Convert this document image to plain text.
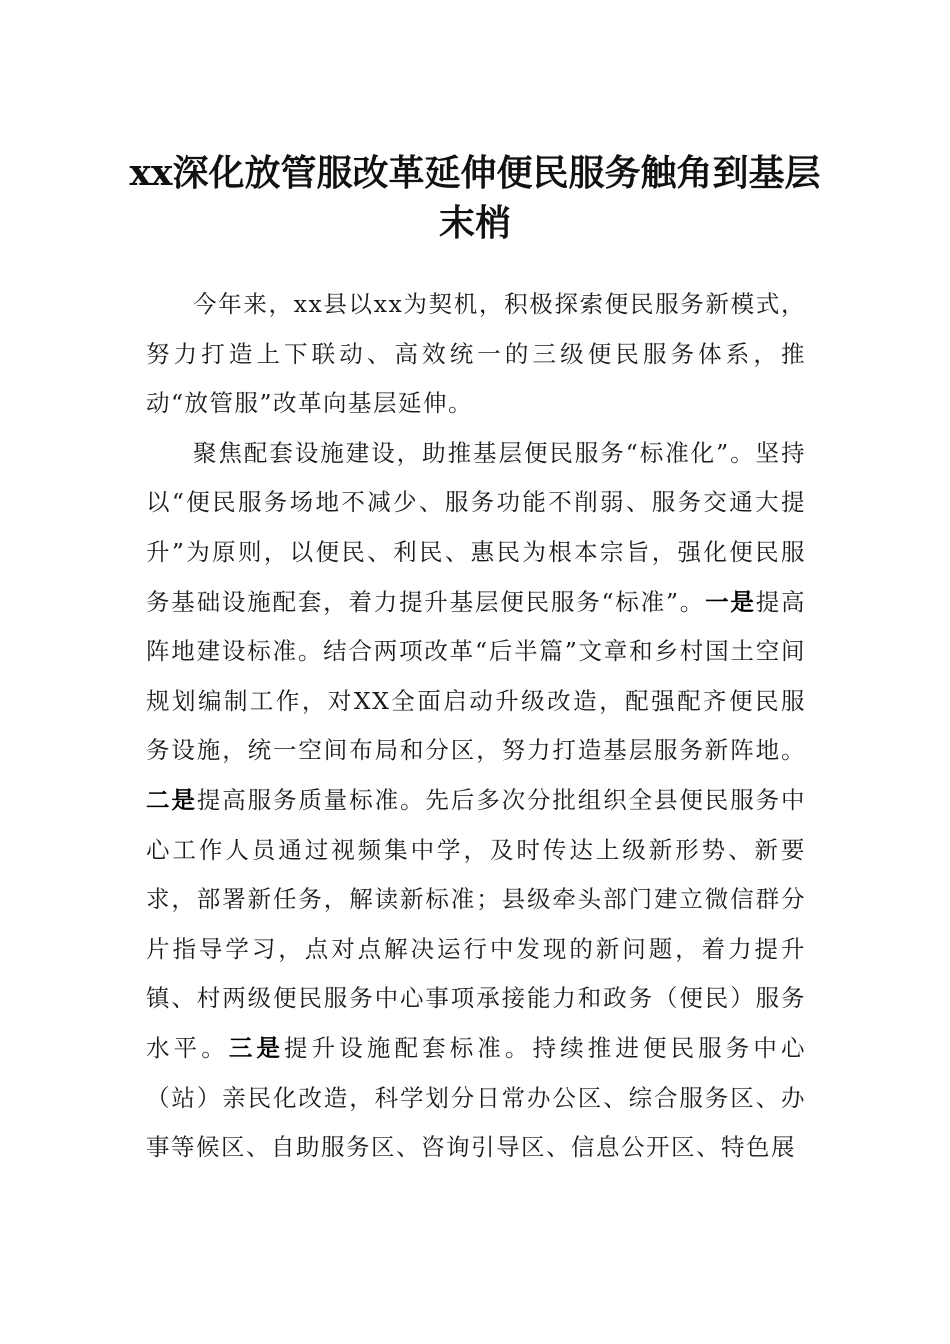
xx深化放管服改革延伸便民服务触角到基层末梢

今年来，xx县以xx为契机，积极探索便民服务新模式，努力打造上下联动、高效统一的三级便民服务体系，推动“放管服”改革向基层延伸。

聚焦配套设施建设，助推基层便民服务“标准化”。坚持以“便民服务场地不减少、服务功能不削弱、服务交通大提升”为原则，以便民、利民、惠民为根本宗旨，强化便民服务基础设施配套，着力提升基层便民服务“标准”。一是提高阵地建设标准。结合两项改革“后半篇”文章和乡村国土空间规划编制工作，对XX全面启动升级改造，配强配齐便民服务设施，统一空间布局和分区，努力打造基层服务新阵地。二是提高服务质量标准。先后多次分批组织全县便民服务中心工作人员通过视频集中学，及时传达上级新形势、新要求，部署新任务，解读新标准；县级牵头部门建立微信群分片指导学习，点对点解决运行中发现的新问题，着力提升镇、村两级便民服务中心事项承接能力和政务（便民）服务水平。三是提升设施配套标准。持续推进便民服务中心（站）亲民化改造，科学划分日常办公区、综合服务区、办事等候区、自助服务区、咨询引导区、信息公开区、特色展
